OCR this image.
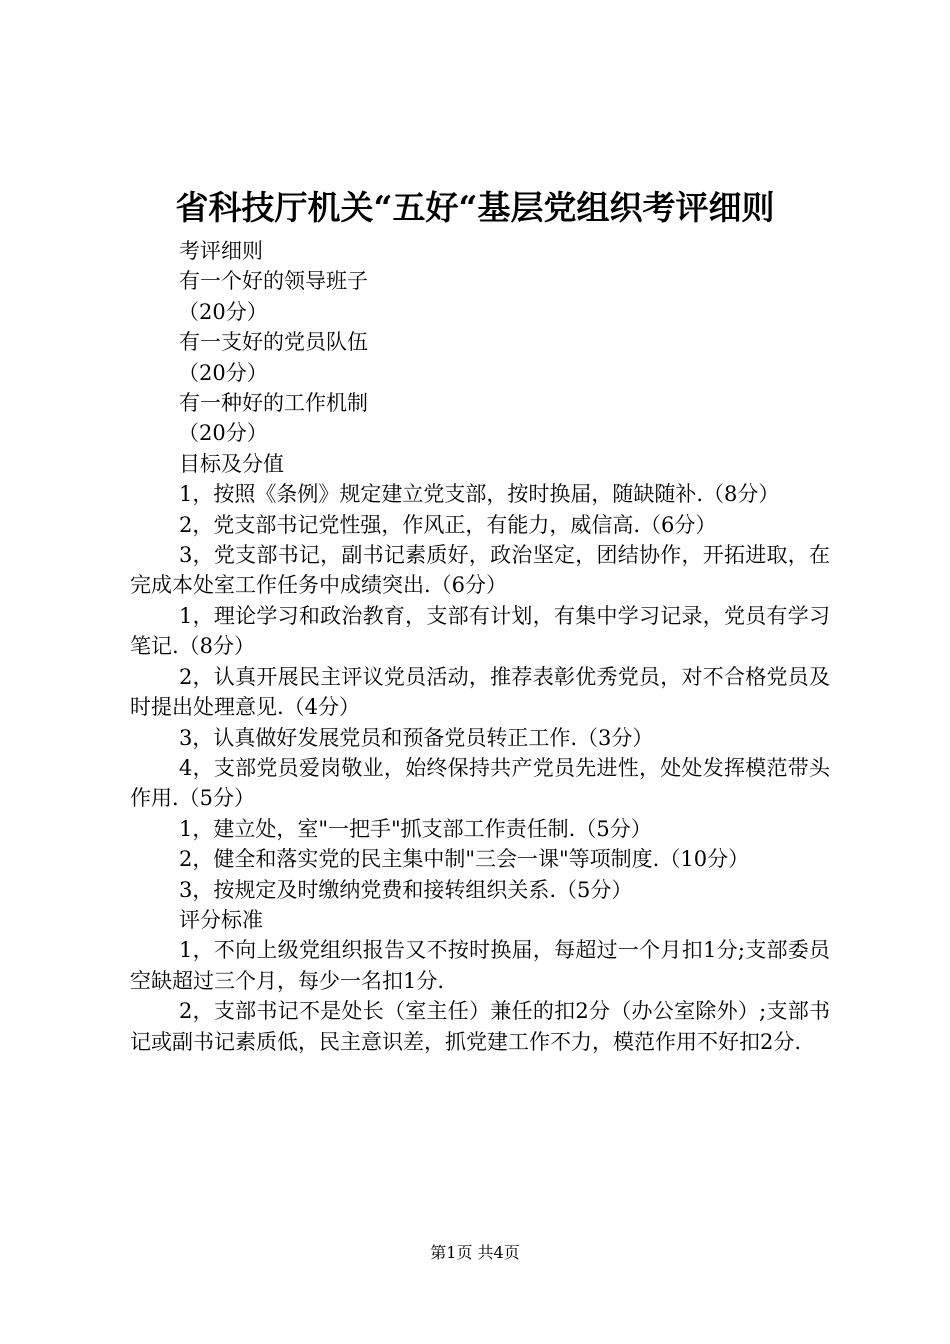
省科技厅机关“五好“基层党组织考评细则

考评细则

有一个好的领导班子

（20分）

有一支好的党员队伍

（20分）

有一种好的工作机制

（20分）

目标及分值

1，按照《条例》规定建立党支部，按时换届，随缺随补.（8分）

2，党支部书记党性强，作风正，有能力，威信高.（6分）

3，党支部书记，副书记素质好，政治坚定，团结协作，开拓进取，在完成本处室工作任务中成绩突出.（6分）

1，理论学习和政治教育，支部有计划，有集中学习记录，党员有学习笔记.（8分）

2，认真开展民主评议党员活动，推荐表彰优秀党员，对不合格党员及时提出处理意见.（4分）

3，认真做好发展党员和预备党员转正工作.（3分）

4，支部党员爱岗敬业，始终保持共产党员先进性，处处发挥模范带头作用.（5分）

1，建立处，室"一把手"抓支部工作责任制.（5分）

2，健全和落实党的民主集中制"三会一课"等项制度.（10分）

3，按规定及时缴纳党费和接转组织关系.（5分）

评分标准

1，不向上级党组织报告又不按时换届，每超过一个月扣1分;支部委员空缺超过三个月，每少一名扣1分.

2，支部书记不是处长（室主任）兼任的扣2分（办公室除外）;支部书记或副书记素质低，民主意识差，抓党建工作不力，模范作用不好扣2分.

第1页 共4页
